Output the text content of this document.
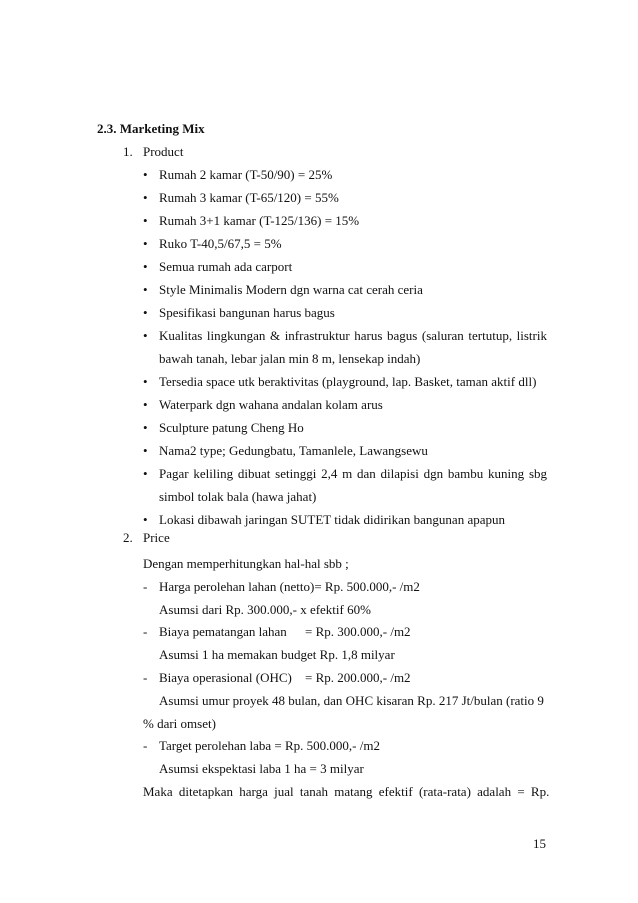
2.3. Marketing Mix
1. Product
• Rumah 2 kamar (T-50/90) = 25%
• Rumah 3 kamar (T-65/120) = 55%
• Rumah 3+1 kamar (T-125/136) = 15%
• Ruko T-40,5/67,5 = 5%
• Semua rumah ada carport
• Style Minimalis Modern dgn warna cat cerah ceria
• Spesifikasi bangunan harus bagus
• Kualitas lingkungan & infrastruktur harus bagus (saluran tertutup, listrik bawah tanah, lebar jalan min 8 m, lensekap indah)
• Tersedia space utk beraktivitas (playground, lap. Basket, taman aktif dll)
• Waterpark dgn wahana andalan kolam arus
• Sculpture patung Cheng Ho
• Nama2 type; Gedungbatu, Tamanlele, Lawangsewu
• Pagar keliling dibuat setinggi 2,4 m dan dilapisi dgn bambu kuning sbg simbol tolak bala (hawa jahat)
• Lokasi dibawah jaringan SUTET tidak didirikan bangunan apapun
2. Price
Dengan memperhitungkan hal-hal sbb ;
- Harga perolehan lahan (netto)= Rp. 500.000,- /m2
Asumsi dari Rp. 300.000,- x efektif 60%
- Biaya pematangan lahan = Rp. 300.000,- /m2
Asumsi 1 ha memakan budget Rp. 1,8 milyar
- Biaya operasional (OHC) = Rp. 200.000,- /m2
Asumsi umur proyek 48 bulan, dan OHC kisaran Rp. 217 Jt/bulan (ratio 9
% dari omset)
- Target perolehan laba = Rp. 500.000,- /m2
Asumsi ekspektasi laba 1 ha = 3 milyar
Maka ditetapkan harga jual tanah matang efektif (rata-rata) adalah = Rp.
15
